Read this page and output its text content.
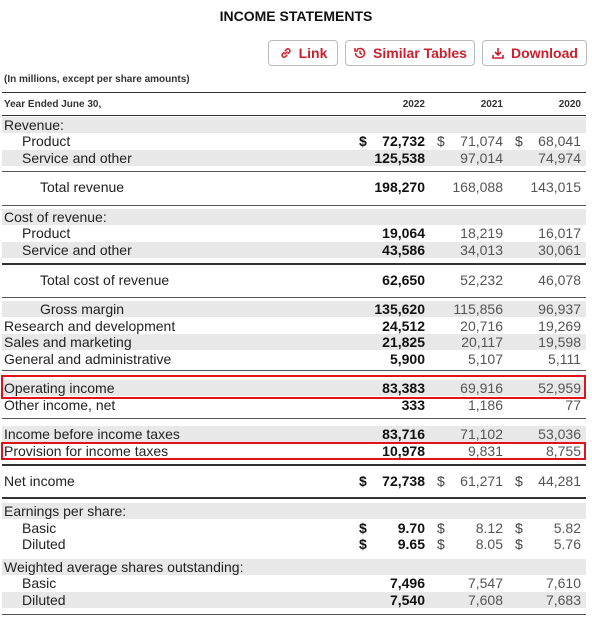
INCOME STATEMENTS
Link	Similar Tables	Download
(In millions, except per share amounts)
Year Ended June 30,	2022	2021	2020
Revenue:
Product	$	72,732 $	71,074 $	68,041
Service and other	125,538	97,014	74,974
Total revenue	198,270	168,088	143,015
Cost of revenue:
Product	19,064	18,219	16,017
Service and other	43,586	34,013	30,061
Total cost of revenue	62,650	52,232	46,078
Gross margin	135,620	115,856	96,937
Research and development	24,512	20,716	19,269
Sales and marketing	21,825	20,117	19,598
General and administrative	5,900	5,107	5,111
Operating income	83,383	69,916	52,959
Other income, net	333	1,186	77
Income before income taxes	83,716	71,102	53,036
Provision for income taxes	10,978	9,831	8,755
Net income	$	72,738 $	61,271 $	44,281
Earnings per share:
Basic	$	9.70 $	8.12 $	5.82
Diluted	$	9.65 $	8.05 $	5.76
Weighted average shares outstanding:
Basic	7,496	7,547	7,610
Diluted	7,540	7,608	7,683
